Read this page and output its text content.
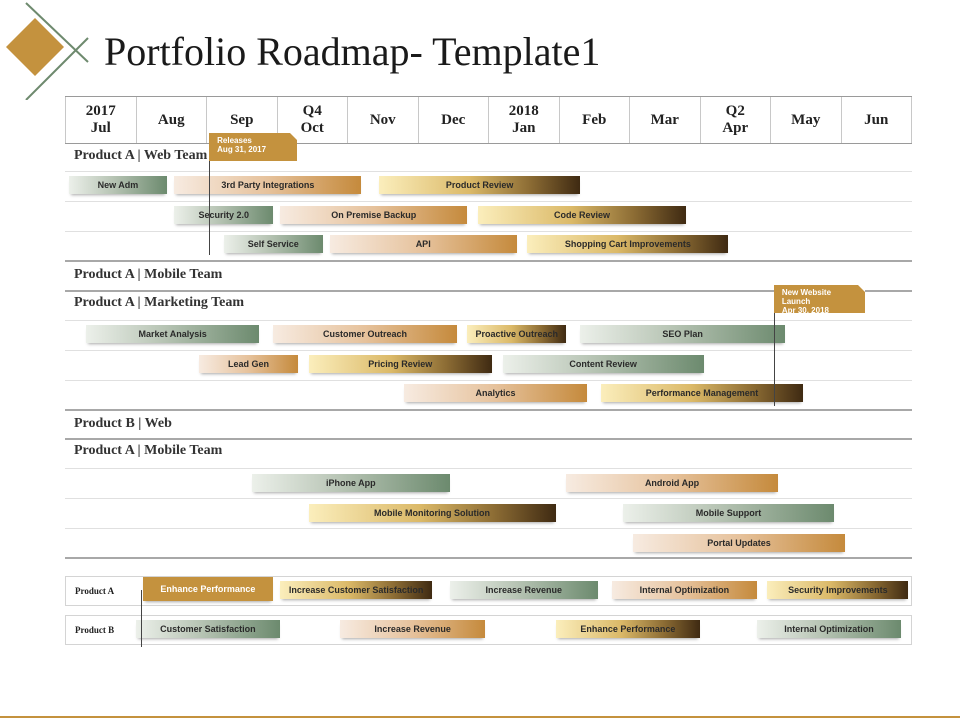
Portfolio Roadmap- Template1
2017
Jul
Aug	Sep
Q4
Oct
Nov	Dec
2018
Jan
Feb	Mar
Q2
Apr
May	Jun
Product A | Web Team
Product A | Mobile Team
Product A | Marketing Team
Product B | Web
Product A | Mobile Team
New Adm	3rd Party Integrations	Product Review
Security 2.0	On Premise Backup	Code Review
Self Service	API	Shopping Cart Improvements
Market Analysis	Customer Outreach	Proactive Outreach	SEO Plan
Lead Gen	Pricing Review	Content Review
Analytics	Performance Management
iPhone App	Android App
Mobile Monitoring Solution	Mobile Support
Portal Updates
Releases
Aug 31, 2017
New Website Launch
Apr 30, 2018
Product A	Enhance Performance	Increase Customer Satisfaction	Increase Revenue	Internal Optimization	Security Improvements
Product B	Customer Satisfaction	Increase Revenue	Enhance Performance	Internal Optimization
